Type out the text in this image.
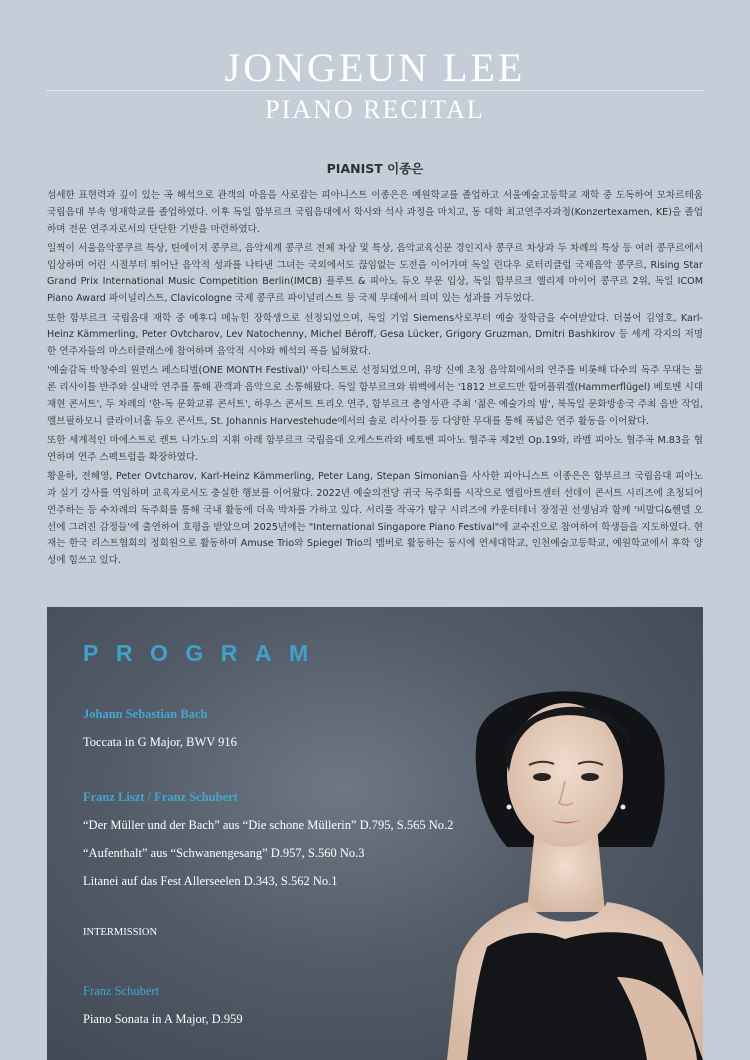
JONGEUN LEE
PIANO RECITAL
PIANIST 이종은

섬세한 표현력과 깊이 있는 곡 해석으로 관객의 마음을 사로잡는 피아니스트 이종은은 예원학교를 졸업하고 서울예술고등학교 재학 중 도독하여 모차르테움 국립음대 부속 영재학교를 졸업하였다. 이후 독일 함부르크 국립음대에서 학사와 석사 과정을 마치고, 동 대학 최고연주자과정(Konzertexamen, KE)을 졸업하며 전문 연주자로서의 단단한 기반을 마련하였다.

일찍이 서울음악콩쿠르 특상, 틴에이저 콩쿠르, 음악세계 콩쿠르 전체 차상 및 특상, 음악교육신문 경인지사 콩쿠르 차상과 두 차례의 특상 등 여러 콩쿠르에서 입상하며 어린 시절부터 뛰어난 음악적 성과를 나타낸 그녀는 국외에서도 끊임없는 도전을 이어가며 독일 린다우 로터리클럽 국제음악 콩쿠르, Rising Star Grand Prix International Music Competition Berlin(IMCB) 플루트 & 피아노 듀오 부문 입상, 독일 함부르크 엘리제 마이어 콩쿠르 2위, 독일 ICOM Piano Award 파이널리스트, Clavicologne 국제 콩쿠르 파이널리스트 등 국제 무대에서 의미 있는 성과를 거두었다.

또한 함부르크 국립음대 재학 중 예후디 메뉴힌 장학생으로 선정되었으며, 독일 기업 Siemens사로부터 예술 장학금을 수여받았다. 더불어 김영호, Karl-Heinz Kämmerling, Peter Ovtcharov, Lev Natochenny, Michel Béroff, Gesa Lücker, Grigory Gruzman, Dmitri Bashkirov 등 세계 각지의 저명한 연주자들의 마스터클래스에 참여하며 음악적 시야와 해석의 폭을 넓혀왔다.

'예술감독 박창수의 원먼스 페스티벌(ONE MONTH Festival)' 아티스트로 선정되었으며, 유망 신예 초청 음악회에서의 연주를 비롯해 다수의 독주 무대는 물론 리사이틀 반주와 실내악 연주를 통해 관객과 음악으로 소통해왔다. 독일 함부르크와 뤼벡에서는 '1812 브로드만 함머플뤼겔(Hammerflügel) 베토벤 시대 재현 콘서트', 두 차례의 '한-독 문화교류 콘서트', 하우스 콘서트 트리오 연주, 함부르크 총영사관 주최 '젊은 예술가의 밤', 북독일 문화방송국 주최 음반 작업, 엘브필하모니 클라이너홀 듀오 콘서트, St. Johannis Harvestehude에서의 솔로 리사이틀 등 다양한 무대를 통해 폭넓은 연주 활동을 이어왔다.

또한 세계적인 마에스트로 켄트 나가노의 지휘 아래 함부르크 국립음대 오케스트라와 베토벤 피아노 협주곡 제2번 Op.19와, 라벨 피아노 협주곡 M.83을 협연하며 연주 스펙트럼을 확장하였다.

황윤하, 전혜영, Peter Ovtcharov, Karl-Heinz Kämmerling, Peter Lang, Stepan Simonian을 사사한 피아니스트 이종은은 함부르크 국립음대 피아노과 실기 강사를 역임하며 교육자로서도 충실한 행보를 이어왔다. 2022년 예술의전당 귀국 독주회를 시작으로 엘림아트센터 선데이 콘서트 시리즈에 초청되어 연주하는 등 수차례의 독주회를 통해 국내 활동에 더욱 박차를 가하고 있다. 서리풀 작곡가 탐구 시리즈에 카운터테너 장정권 선생님과 함께 '비발디&헨델 오선에 그려진 감정들'에 출연하여 호평을 받았으며 2025년에는 "International Singapore Piano Festival"에 교수진으로 참여하여 학생들을 지도하였다. 현재는 한국 리스트협회의 정회원으로 활동하며 Amuse Trio와 Spiegel Trio의 멤버로 활동하는 동시에 연세대학교, 인천예술고등학교, 예원학교에서 후학 양성에 힘쓰고 있다.

PROGRAM
Johann Sebastian Bach
Toccata in G Major, BWV 916
Franz Liszt / Franz Schubert
“Der Müller und der Bach” aus “Die schone Müllerin” D.795, S.565 No.2
“Aufenthalt” aus “Schwanengesang” D.957, S.560 No.3
Litanei auf das Fest Allerseelen D.343, S.562 No.1
INTERMISSION
Franz Schubert
Piano Sonata in A Major, D.959
